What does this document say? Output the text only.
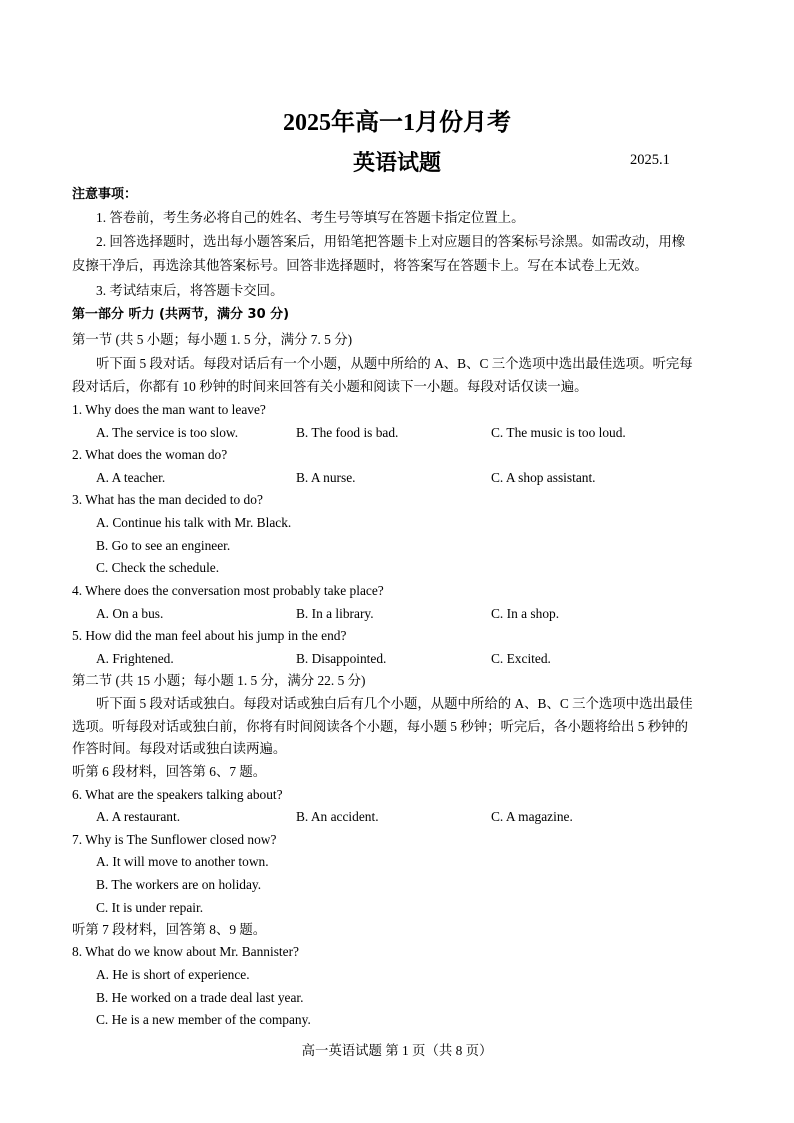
2025年高一1月份月考
英语试题	2025.1
注意事项：
1. 答卷前，考生务必将自己的姓名、考生号等填写在答题卡指定位置上。
2. 回答选择题时，选出每小题答案后，用铅笔把答题卡上对应题目的答案标号涂黑。如需改动，用橡
皮擦干净后，再选涂其他答案标号。回答非选择题时，将答案写在答题卡上。写在本试卷上无效。
3. 考试结束后，将答题卡交回。
第一部分 听力 (共两节，满分 30 分)
第一节 (共 5 小题；每小题 1. 5 分，满分 7. 5 分)
听下面 5 段对话。每段对话后有一个小题，从题中所给的 A、B、C 三个选项中选出最佳选项。听完每
段对话后，你都有 10 秒钟的时间来回答有关小题和阅读下一小题。每段对话仅读一遍。
1. Why does the man want to leave?
A. The service is too slow.	B. The food is bad.	C. The music is too loud.
2. What does the woman do?
A. A teacher.	B. A nurse.	C. A shop assistant.
3. What has the man decided to do?
A. Continue his talk with Mr. Black.
B. Go to see an engineer.
C. Check the schedule.
4. Where does the conversation most probably take place?
A. On a bus.	B. In a library.	C. In a shop.
5. How did the man feel about his jump in the end?
A. Frightened.	B. Disappointed.	C. Excited.
第二节 (共 15 小题；每小题 1. 5 分，满分 22. 5 分)
听下面 5 段对话或独白。每段对话或独白后有几个小题，从题中所给的 A、B、C 三个选项中选出最佳
选项。听每段对话或独白前，你将有时间阅读各个小题，每小题 5 秒钟；听完后，各小题将给出 5 秒钟的
作答时间。每段对话或独白读两遍。
听第 6 段材料，回答第 6、7 题。
6. What are the speakers talking about?
A. A restaurant.	B. An accident.	C. A magazine.
7. Why is The Sunflower closed now?
A. It will move to another town.
B. The workers are on holiday.
C. It is under repair.
听第 7 段材料，回答第 8、9 题。
8. What do we know about Mr. Bannister?
A. He is short of experience.
B. He worked on a trade deal last year.
C. He is a new member of the company.
高一英语试题 第 1 页（共 8 页）
